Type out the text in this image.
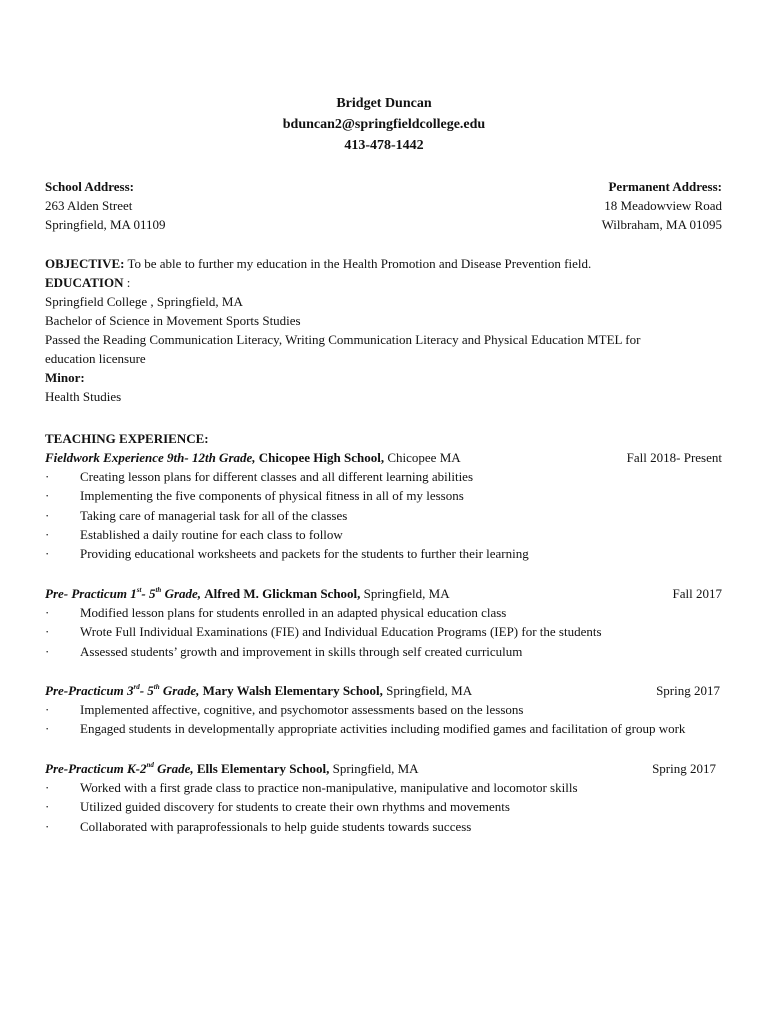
Bridget Duncan
bduncan2@springfieldcollege.edu
413-478-1442
School Address:
263 Alden Street
Springfield, MA 01109
Permanent Address:
18 Meadowview Road
Wilbraham, MA 01095
OBJECTIVE: To be able to further my education in the Health Promotion and Disease Prevention field.
EDUCATION :
Springfield College , Springfield, MA
Bachelor of Science in Movement Sports Studies
Passed the Reading Communication Literacy, Writing Communication Literacy and Physical Education MTEL for
education licensure
Minor:
Health Studies
TEACHING EXPERIENCE:
Fieldwork Experience 9th- 12th Grade, Chicopee High School, Chicopee MA	Fall 2018- Present
· Creating lesson plans for different classes and all different learning abilities
· Implementing the five components of physical fitness in all of my lessons
· Taking care of managerial task for all of the classes
· Established a daily routine for each class to follow
· Providing educational worksheets and packets for the students to further their learning
Pre- Practicum 1st- 5th Grade, Alfred M. Glickman School, Springfield, MA	Fall 2017
· Modified lesson plans for students enrolled in an adapted physical education class
· Wrote Full Individual Examinations (FIE) and Individual Education Programs (IEP) for the students
· Assessed students’ growth and improvement in skills through self created curriculum
Pre-Practicum 3rd- 5th Grade, Mary Walsh Elementary School, Springfield, MA	Spring 2017
· Implemented affective, cognitive, and psychomotor assessments based on the lessons
· Engaged students in developmentally appropriate activities including modified games and facilitation of group work
Pre-Practicum K-2nd Grade, Ells Elementary School, Springfield, MA	Spring 2017
· Worked with a first grade class to practice non-manipulative, manipulative and locomotor skills
· Utilized guided discovery for students to create their own rhythms and movements
· Collaborated with paraprofessionals to help guide students towards success
